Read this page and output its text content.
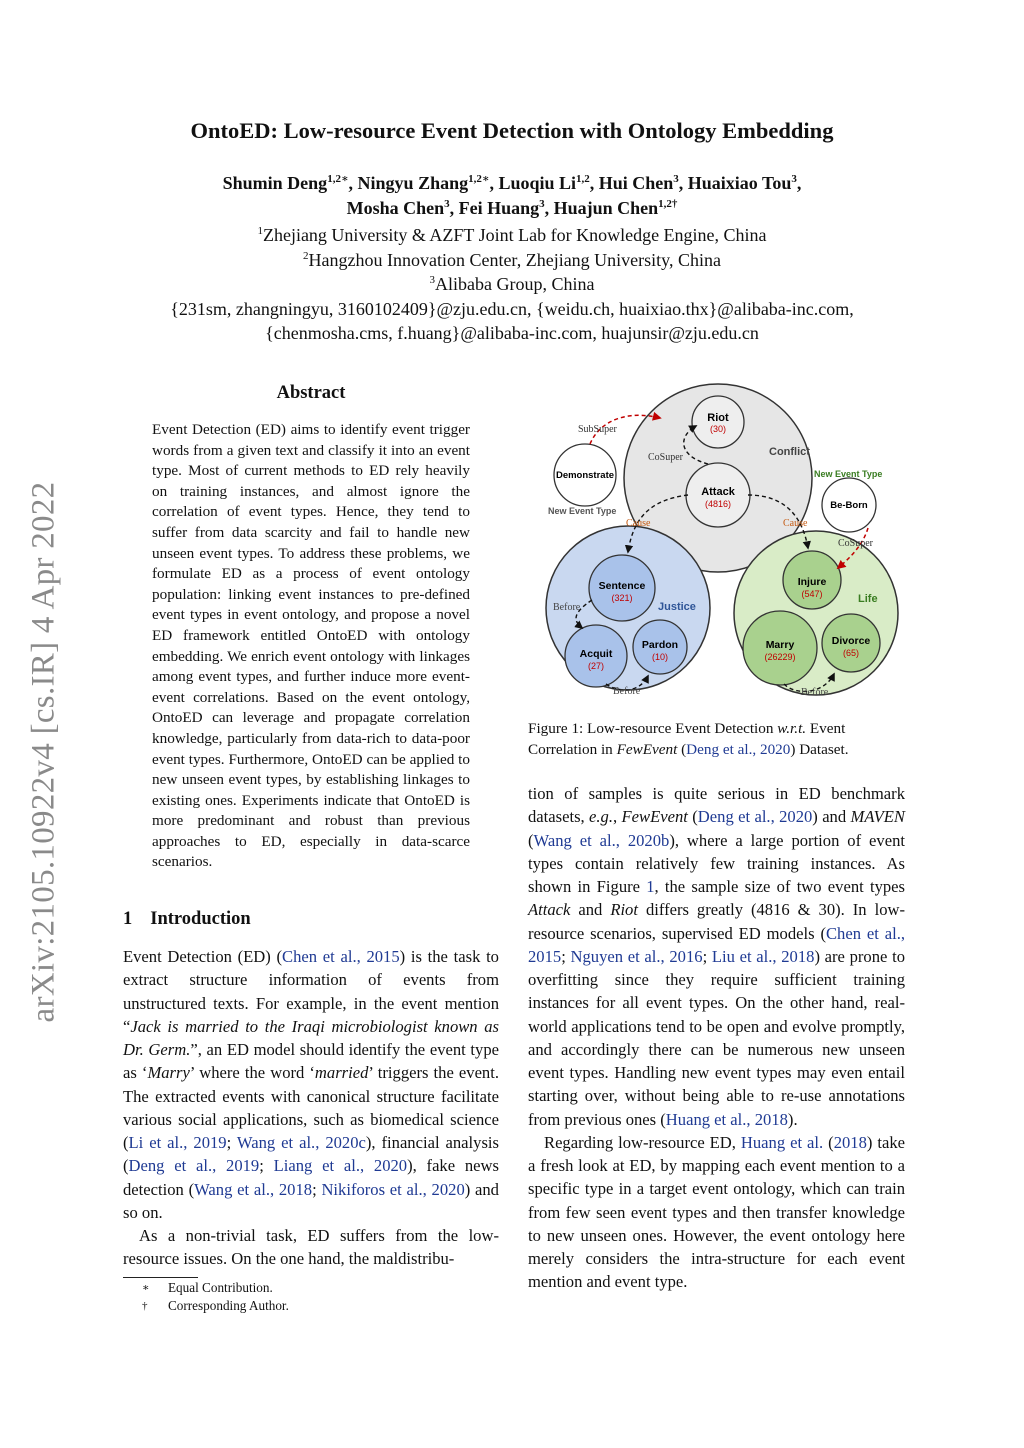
arXiv:2105.10922v4 [cs.IR] 4 Apr 2022
OntoED: Low-resource Event Detection with Ontology Embedding
Shumin Deng$^{1,2∗}$, Ningyu Zhang$^{1,2∗}$, Luoqiu Li$^{1,2}$, Hui Chen$^3$, Huaixiao Tou$^3$,
Mosha Chen$^3$, Fei Huang$^3$, Huajun Chen$^{1,2\dagger}$
$^1$Zhejiang University & AZFT Joint Lab for Knowledge Engine, China
$^2$Hangzhou Innovation Center, Zhejiang University, China
$^3$Alibaba Group, China
{231sm, zhangningyu, 3160102409}@zju.edu.cn, {weidu.ch, huaixiao.thx}@alibaba-inc.com,
{chenmosha.cms, f.huang}@alibaba-inc.com, huajunsir@zju.edu.cn
Abstract
Event Detection (ED) aims to identify event trigger words from a given text and classify it into an event type. Most of current methods to ED rely heavily on training instances, and almost ignore the correlation of event types. Hence, they tend to suffer from data scarcity and fail to handle new unseen event types. To address these problems, we formulate ED as a process of event ontology population: linking event instances to pre-defined event types in event ontology, and propose a novel ED framework entitled OntoED with ontology embedding. We enrich event ontology with linkages among event types, and further induce more event-event correlations. Based on the event ontology, OntoED can leverage and propagate correlation knowledge, particularly from data-rich to data-poor event types. Furthermore, OntoED can be applied to new unseen event types, by establishing linkages to existing ones. Experiments indicate that OntoED is more predominant and robust than previous approaches to ED, especially in data-scarce scenarios.
1 Introduction

Event Detection (ED) (Chen et al., 2015) is the task to extract structure information of events from unstructured texts. For example, in the event mention “Jack is married to the Iraqi microbiologist known as Dr. Germ.”, an ED model should identify the event type as ‘Marry’ where the word ‘married’ triggers the event. The extracted events with canonical structure facilitate various social applications, such as biomedical science (Li et al., 2019; Wang et al., 2020c), financial analysis (Deng et al., 2019; Liang et al., 2020), fake news detection (Wang et al., 2018; Nikiforos et al., 2020) and so on.

As a non-trivial task, ED suffers from the low-resource issues. On the one hand, the maldistribu-

∗ Equal Contribution.
† Corresponding Author.
Conflict
Justice
Life
Riot
(30)
Attack
(4816)
Demonstrate
Be-Born
Sentence
(321)
Acquit
(27)
Pardon
(10)
Injure
(547)
Marry
(26229)
Divorce
(65)
SubSuper
CoSuper
Cause	Cause
CoSuper
Before
Before	Before
New Event Type
New Event Type
Figure 1: Low-resource Event Detection w.r.t. Event Correlation in FewEvent (Deng et al., 2020) Dataset.

tion of samples is quite serious in ED benchmark datasets, e.g., FewEvent (Deng et al., 2020) and MAVEN (Wang et al., 2020b), where a large portion of event types contain relatively few training instances. As shown in Figure 1, the sample size of two event types Attack and Riot differs greatly (4816 & 30). In low-resource scenarios, supervised ED models (Chen et al., 2015; Nguyen et al., 2016; Liu et al., 2018) are prone to overfitting since they require sufficient training instances for all event types. On the other hand, real-world applications tend to be open and evolve promptly, and accordingly there can be numerous new unseen event types. Handling new event types may even entail starting over, without being able to re-use annotations from previous ones (Huang et al., 2018).

Regarding low-resource ED, Huang et al. (2018) take a fresh look at ED, by mapping each event mention to a specific type in a target event ontology, which can train from few seen event types and then transfer knowledge to new unseen ones. However, the event ontology here merely considers the intra-structure for each event mention and event type.
